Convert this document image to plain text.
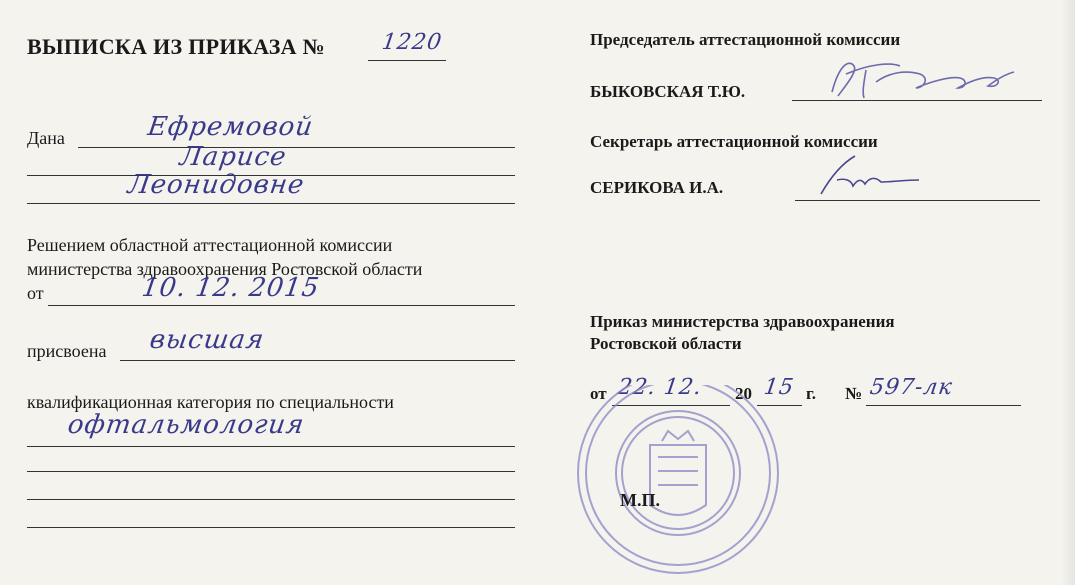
ВЫПИСКА ИЗ ПРИКАЗА №	1220
Дана	Ефремовой
Ларисе
Леонидовне
Решением областной аттестационной комиссии
министерства здравоохранения Ростовской области
от	10. 12. 2015
присвоена высшая
квалификационная категория по специальности
офтальмология
Председатель аттестационной комиссии
БЫКОВСКАЯ Т.Ю.
Секретарь аттестационной комиссии
СЕРИКОВА И.А.
Приказ министерства здравоохранения
Ростовской области
от 22. 12. 20 15 г. № 597-лк
М.П.
